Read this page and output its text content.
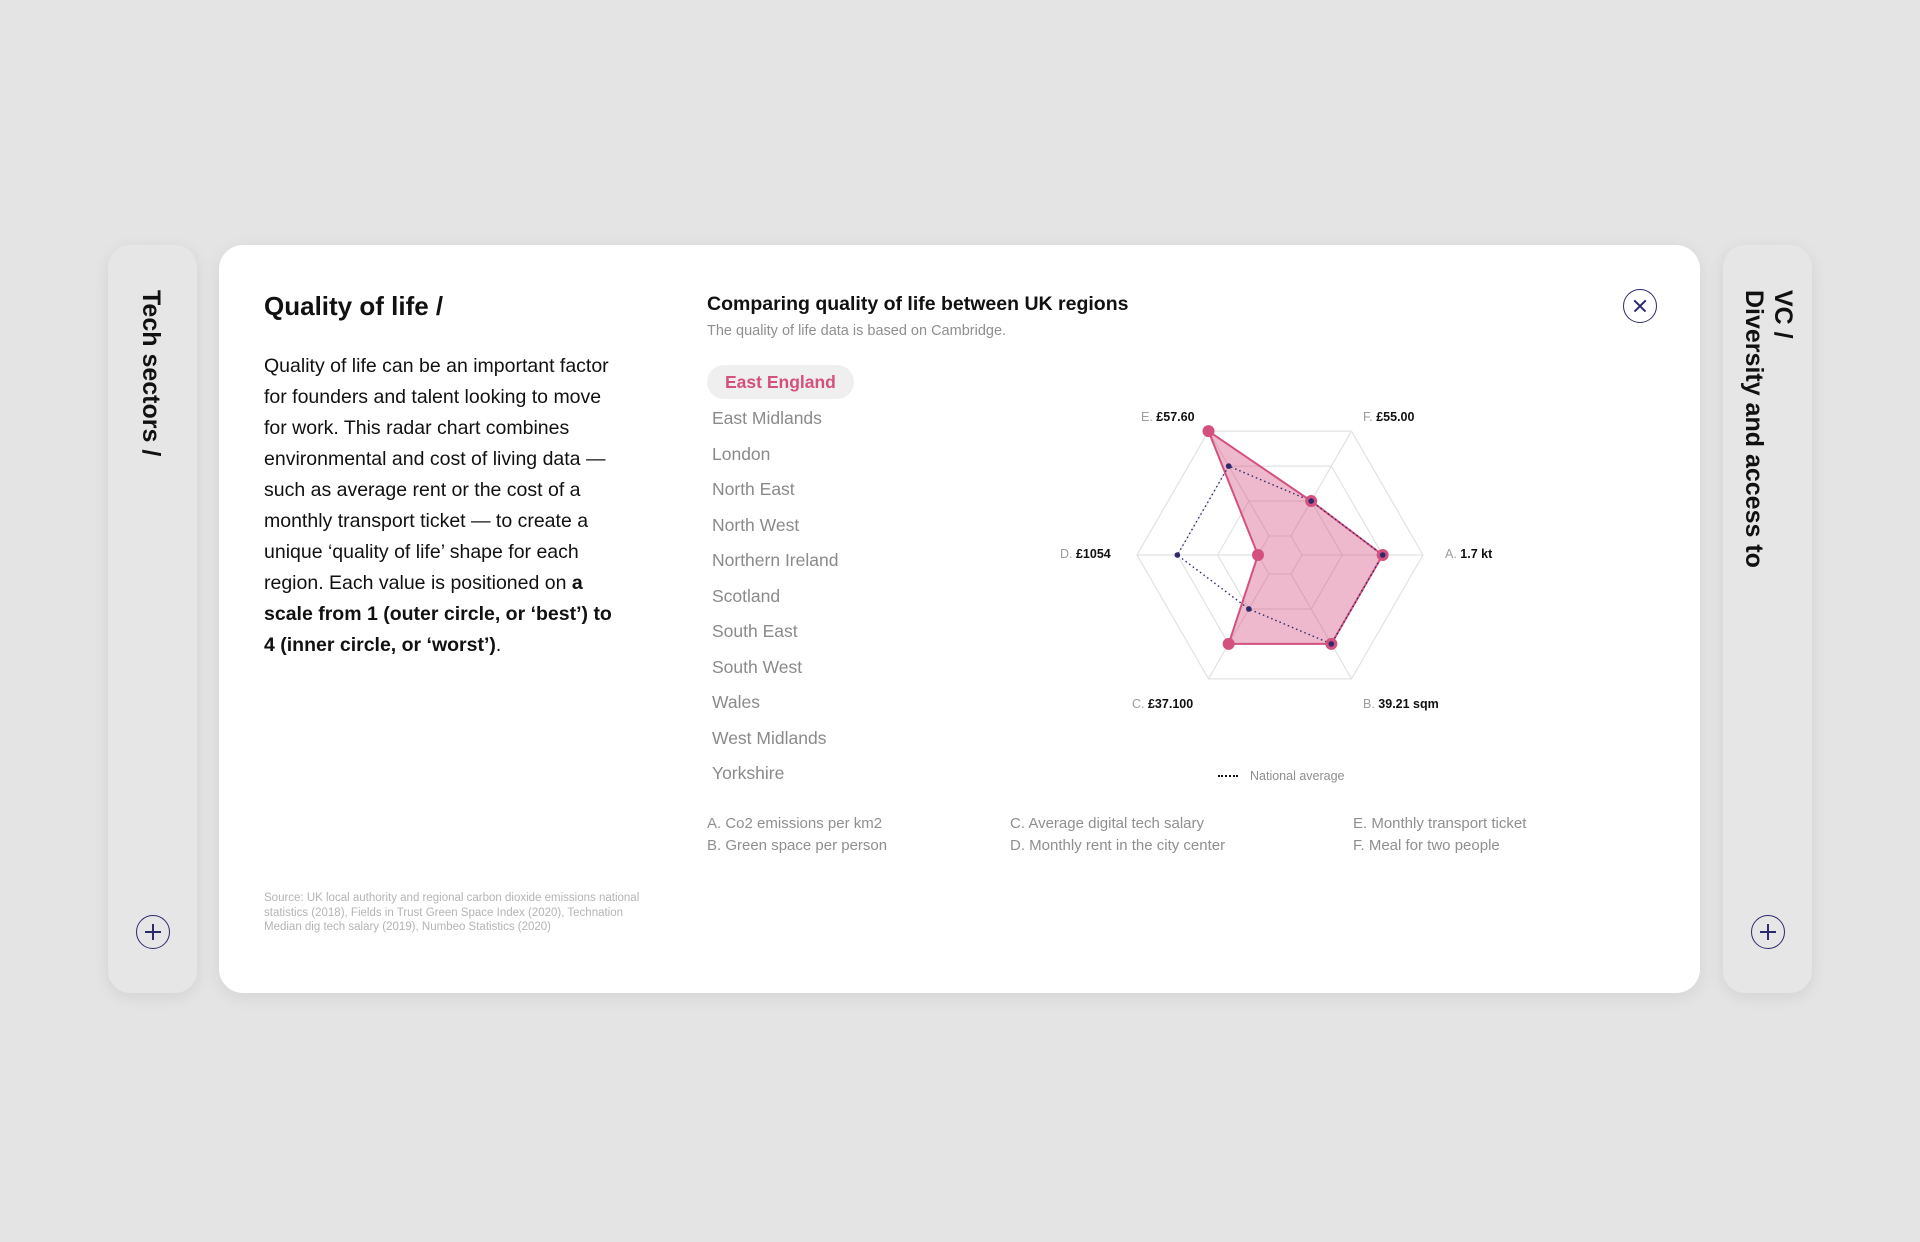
Tech sectors /	VC /
Diversity and access to
Quality of life /

Quality of life can be an important factor for founders and talent looking to move for work. This radar chart combines environmental and cost of living data — such as average rent or the cost of a monthly transport ticket — to create a unique ‘quality of life’ shape for each region. Each value is positioned on a scale from 1 (outer circle, or ‘best’) to 4 (inner circle, or ‘worst’).

Source: UK local authority and regional carbon dioxide emissions national statistics (2018), Fields in Trust Green Space Index (2020), Technation Median dig tech salary (2019), Numbeo Statistics (2020)

Comparing quality of life between UK regions

The quality of life data is based on Cambridge.

East England
East Midlands
London
North East
North West
Northern Ireland
Scotland
South East
South West
Wales
West Midlands
Yorkshire
A. 1.7 kt
B. 39.21 sqm
C. £37.100
D. £1054
E. £57.60	F. £55.00
National average
A. Co2 emissions per km2
B. Green space per person
C. Average digital tech salary
D. Monthly rent in the city center
E. Monthly transport ticket
F. Meal for two people
